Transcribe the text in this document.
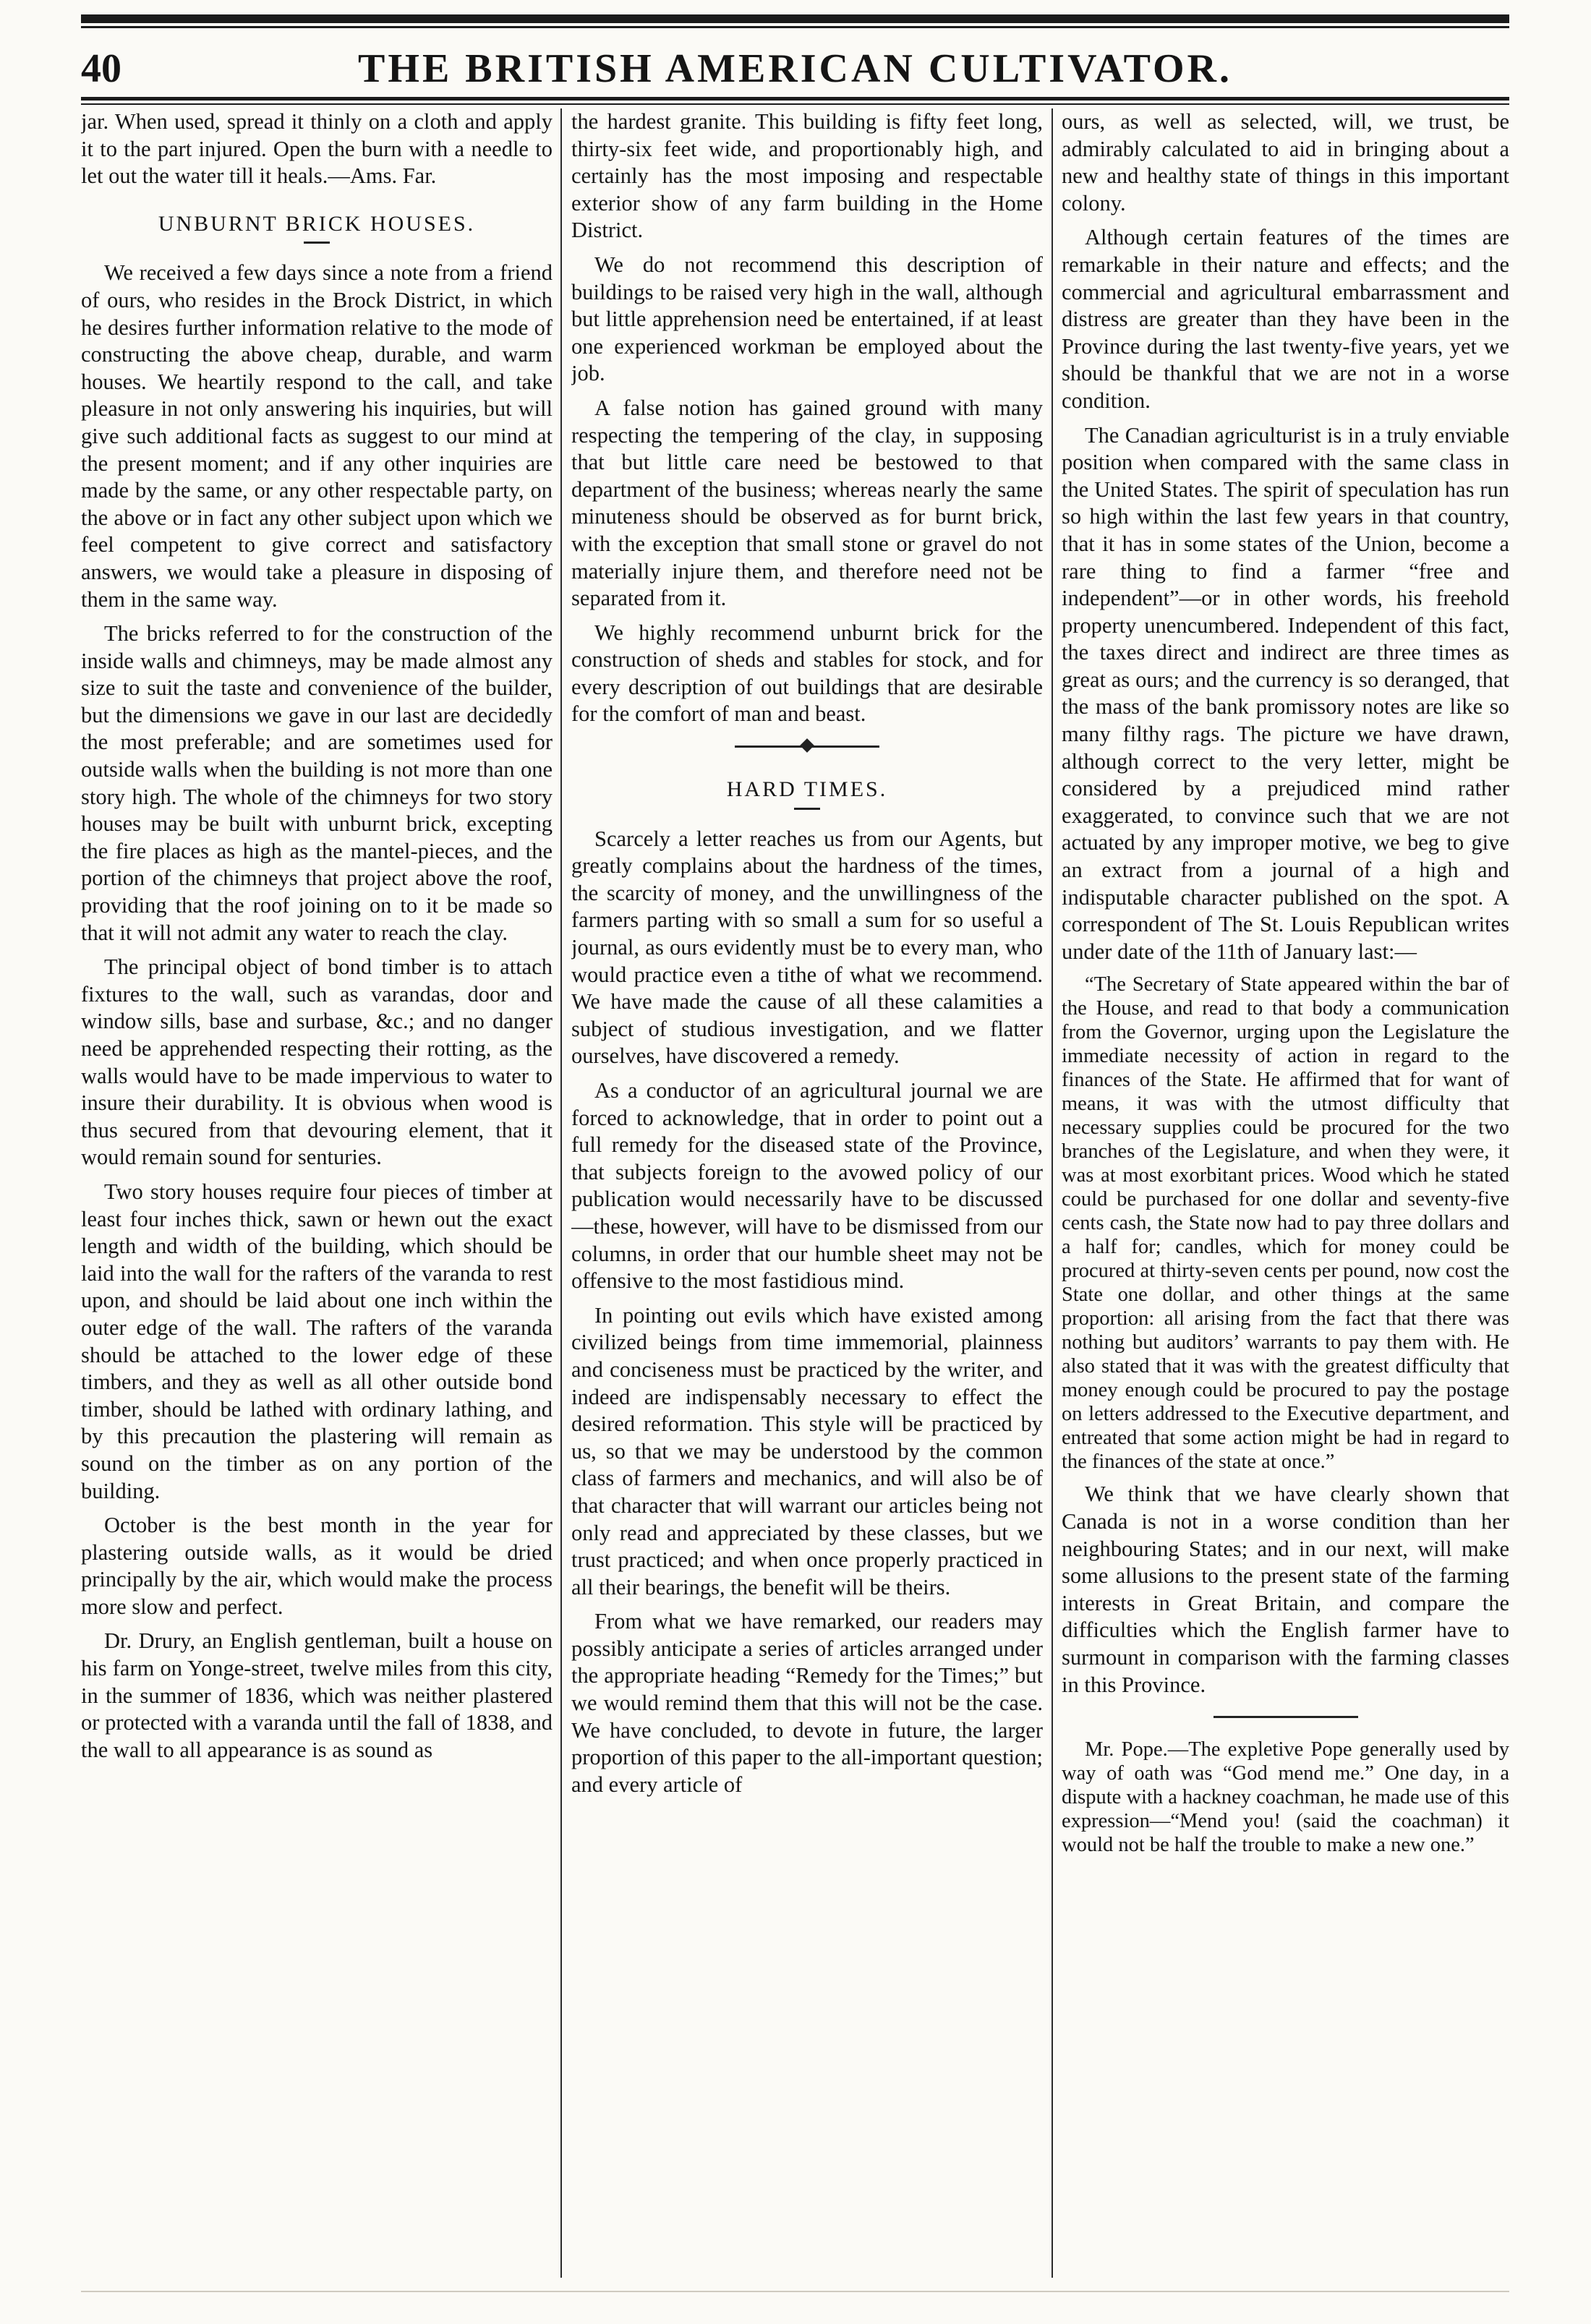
40	THE BRITISH AMERICAN CULTIVATOR.

jar. When used, spread it thinly on a cloth and apply it to the part injured. Open the burn with a needle to let out the water till it heals.—Ams. Far.

UNBURNT BRICK HOUSES.

We received a few days since a note from a friend of ours, who resides in the Brock District, in which he desires further information relative to the mode of constructing the above cheap, durable, and warm houses. We heartily respond to the call, and take pleasure in not only answering his inquiries, but will give such additional facts as suggest to our mind at the present moment; and if any other inquiries are made by the same, or any other respectable party, on the above or in fact any other subject upon which we feel competent to give correct and satisfactory answers, we would take a pleasure in disposing of them in the same way.

The bricks referred to for the construction of the inside walls and chimneys, may be made almost any size to suit the taste and convenience of the builder, but the dimensions we gave in our last are decidedly the most preferable; and are sometimes used for outside walls when the building is not more than one story high. The whole of the chimneys for two story houses may be built with unburnt brick, excepting the fire places as high as the mantel-pieces, and the portion of the chimneys that project above the roof, providing that the roof joining on to it be made so that it will not admit any water to reach the clay.

The principal object of bond timber is to attach fixtures to the wall, such as varandas, door and window sills, base and surbase, &c.; and no danger need be apprehended respecting their rotting, as the walls would have to be made impervious to water to insure their durability. It is obvious when wood is thus secured from that devouring element, that it would remain sound for senturies.

Two story houses require four pieces of timber at least four inches thick, sawn or hewn out the exact length and width of the building, which should be laid into the wall for the rafters of the varanda to rest upon, and should be laid about one inch within the outer edge of the wall. The rafters of the varanda should be attached to the lower edge of these timbers, and they as well as all other outside bond timber, should be lathed with ordinary lathing, and by this precaution the plastering will remain as sound on the timber as on any portion of the building.

October is the best month in the year for plastering outside walls, as it would be dried principally by the air, which would make the process more slow and perfect.

Dr. Drury, an English gentleman, built a house on his farm on Yonge-street, twelve miles from this city, in the summer of 1836, which was neither plastered or protected with a varanda until the fall of 1838, and the wall to all appearance is as sound as

the hardest granite. This building is fifty feet long, thirty-six feet wide, and proportionably high, and certainly has the most imposing and respectable exterior show of any farm building in the Home District.

We do not recommend this description of buildings to be raised very high in the wall, although but little apprehension need be entertained, if at least one experienced workman be employed about the job.

A false notion has gained ground with many respecting the tempering of the clay, in supposing that but little care need be bestowed to that department of the business; whereas nearly the same minuteness should be observed as for burnt brick, with the exception that small stone or gravel do not materially injure them, and therefore need not be separated from it.

We highly recommend unburnt brick for the construction of sheds and stables for stock, and for every description of out buildings that are desirable for the comfort of man and beast.

HARD TIMES.

Scarcely a letter reaches us from our Agents, but greatly complains about the hardness of the times, the scarcity of money, and the unwillingness of the farmers parting with so small a sum for so useful a journal, as ours evidently must be to every man, who would practice even a tithe of what we recommend. We have made the cause of all these calamities a subject of studious investigation, and we flatter ourselves, have discovered a remedy.

As a conductor of an agricultural journal we are forced to acknowledge, that in order to point out a full remedy for the diseased state of the Province, that subjects foreign to the avowed policy of our publication would necessarily have to be discussed—these, however, will have to be dismissed from our columns, in order that our humble sheet may not be offensive to the most fastidious mind.

In pointing out evils which have existed among civilized beings from time immemorial, plainness and conciseness must be practiced by the writer, and indeed are indispensably necessary to effect the desired reformation. This style will be practiced by us, so that we may be understood by the common class of farmers and mechanics, and will also be of that character that will warrant our articles being not only read and appreciated by these classes, but we trust practiced; and when once properly practiced in all their bearings, the benefit will be theirs.

From what we have remarked, our readers may possibly anticipate a series of articles arranged under the appropriate heading “Remedy for the Times;” but we would remind them that this will not be the case. We have concluded, to devote in future, the larger proportion of this paper to the all-important question; and every article of

ours, as well as selected, will, we trust, be admirably calculated to aid in bringing about a new and healthy state of things in this important colony.

Although certain features of the times are remarkable in their nature and effects; and the commercial and agricultural embarrassment and distress are greater than they have been in the Province during the last twenty-five years, yet we should be thankful that we are not in a worse condition.

The Canadian agriculturist is in a truly enviable position when compared with the same class in the United States. The spirit of speculation has run so high within the last few years in that country, that it has in some states of the Union, become a rare thing to find a farmer “free and independent”—or in other words, his freehold property unencumbered. Independent of this fact, the taxes direct and indirect are three times as great as ours; and the currency is so deranged, that the mass of the bank promissory notes are like so many filthy rags. The picture we have drawn, although correct to the very letter, might be considered by a prejudiced mind rather exaggerated, to convince such that we are not actuated by any improper motive, we beg to give an extract from a journal of a high and indisputable character published on the spot. A correspondent of The St. Louis Republican writes under date of the 11th of January last:—

“The Secretary of State appeared within the bar of the House, and read to that body a communication from the Governor, urging upon the Legislature the immediate necessity of action in regard to the finances of the State. He affirmed that for want of means, it was with the utmost difficulty that necessary supplies could be procured for the two branches of the Legislature, and when they were, it was at most exorbitant prices. Wood which he stated could be purchased for one dollar and seventy-five cents cash, the State now had to pay three dollars and a half for; candles, which for money could be procured at thirty-seven cents per pound, now cost the State one dollar, and other things at the same proportion: all arising from the fact that there was nothing but auditors’ warrants to pay them with. He also stated that it was with the greatest difficulty that money enough could be procured to pay the postage on letters addressed to the Executive department, and entreated that some action might be had in regard to the finances of the state at once.”

We think that we have clearly shown that Canada is not in a worse condition than her neighbouring States; and in our next, will make some allusions to the present state of the farming interests in Great Britain, and compare the difficulties which the English farmer have to surmount in comparison with the farming classes in this Province.

Mr. Pope.—The expletive Pope generally used by way of oath was “God mend me.” One day, in a dispute with a hackney coachman, he made use of this expression—“Mend you! (said the coachman) it would not be half the trouble to make a new one.”
